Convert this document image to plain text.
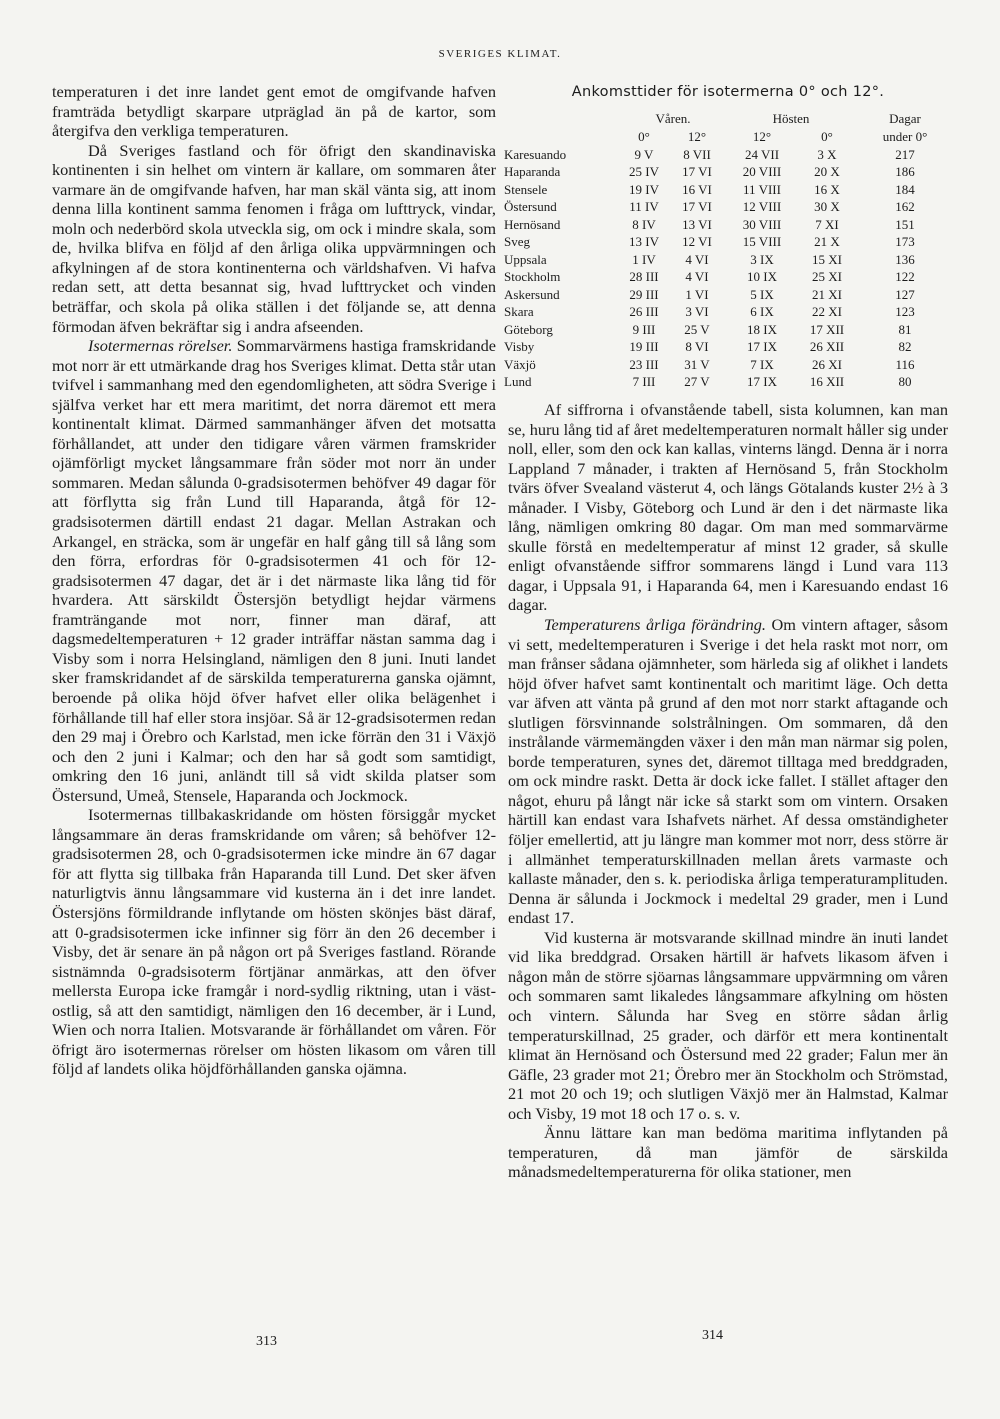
SVERIGES KLIMAT.

temperaturen i det inre landet gent emot de omgifvande hafven framträda betydligt skarpare utpräglad än på de kartor, som återgifva den verkliga temperaturen.

Då Sveriges fastland och för öfrigt den skandinaviska kontinenten i sin helhet om vintern är kallare, om sommaren åter varmare än de omgifvande hafven, har man skäl vänta sig, att inom denna lilla kontinent samma fenomen i fråga om lufttryck, vindar, moln och nederbörd skola utveckla sig, om ock i mindre skala, som de, hvilka blifva en följd af den årliga olika uppvärmningen och afkylningen af de stora kontinenterna och världshafven. Vi hafva redan sett, att detta besannat sig, hvad lufttrycket och vinden beträffar, och skola på olika ställen i det följande se, att denna förmodan äfven bekräftar sig i andra afseenden.

Isotermernas rörelser. Sommarvärmens hastiga framskridande mot norr är ett utmärkande drag hos Sveriges klimat. Detta står utan tvifvel i sammanhang med den egendomligheten, att södra Sverige i själfva verket har ett mera maritimt, det norra däremot ett mera kontinentalt klimat. Därmed sammanhänger äfven det motsatta förhållandet, att under den tidigare våren värmen framskrider ojämförligt mycket långsammare från söder mot norr än under sommaren. Medan sålunda 0-gradsisotermen behöfver 49 dagar för att förflytta sig från Lund till Haparanda, åtgå för 12-gradsisotermen därtill endast 21 dagar. Mellan Astrakan och Arkangel, en sträcka, som är ungefär en half gång till så lång som den förra, erfordras för 0-gradsisotermen 41 och för 12-gradsisotermen 47 dagar, det är i det närmaste lika lång tid för hvardera. Att särskildt Östersjön betydligt hejdar värmens framträngande mot norr, finner man däraf, att dagsmedeltemperaturen + 12 grader inträffar nästan samma dag i Visby som i norra Helsingland, nämligen den 8 juni. Inuti landet sker framskridandet af de särskilda temperaturerna ganska ojämnt, beroende på olika höjd öfver hafvet eller olika belägenhet i förhållande till haf eller stora insjöar. Så är 12-gradsisotermen redan den 29 maj i Örebro och Karlstad, men icke förrän den 31 i Växjö och den 2 juni i Kalmar; och den har så godt som samtidigt, omkring den 16 juni, anländt till så vidt skilda platser som Östersund, Umeå, Stensele, Haparanda och Jockmock.

Isotermernas tillbakaskridande om hösten försiggår mycket långsammare än deras framskridande om våren; så behöfver 12-gradsisotermen 28, och 0-gradsisotermen icke mindre än 67 dagar för att flytta sig tillbaka från Haparanda till Lund. Det sker äfven naturligtvis ännu långsammare vid kusterna än i det inre landet. Östersjöns förmildrande inflytande om hösten skönjes bäst däraf, att 0-gradsisotermen icke infinner sig förr än den 26 december i Visby, det är senare än på någon ort på Sveriges fastland. Rörande sistnämnda 0-gradsisoterm förtjänar anmärkas, att den öfver mellersta Europa icke framgår i nord-sydlig riktning, utan i väst-ostlig, så att den samtidigt, nämligen den 16 december, är i Lund, Wien och norra Italien. Motsvarande är förhållandet om våren. För öfrigt äro isotermernas rörelser om hösten likasom om våren till följd af landets olika höjdförhållanden ganska ojämna.

Ankomsttider för isotermerna 0° och 12°.
	Våren.		Hösten		Dagar
	0°	12°	12°	0°	under 0°
Karesuando	9 V	8 VII	24 VII	3 X	217
Haparanda	25 IV	17 VI	20 VIII	20 X	186
Stensele	19 IV	16 VI	11 VIII	16 X	184
Östersund	11 IV	17 VI	12 VIII	30 X	162
Hernösand	8 IV	13 VI	30 VIII	7 XI	151
Sveg	13 IV	12 VI	15 VIII	21 X	173
Uppsala	1 IV	4 VI	3 IX	15 XI	136
Stockholm	28 III	4 VI	10 IX	25 XI	122
Askersund	29 III	1 VI	5 IX	21 XI	127
Skara	26 III	3 VI	6 IX	22 XI	123
Göteborg	9 III	25 V	18 IX	17 XII	81
Visby	19 III	8 VI	17 IX	26 XII	82
Växjö	23 III	31 V	7 IX	26 XI	116
Lund	7 III	27 V	17 IX	16 XII	80

Af siffrorna i ofvanstående tabell, sista kolumnen, kan man se, huru lång tid af året medeltemperaturen normalt håller sig under noll, eller, som den ock kan kallas, vinterns längd. Denna är i norra Lappland 7 månader, i trakten af Hernösand 5, från Stockholm tvärs öfver Svealand västerut 4, och längs Götalands kuster 2½ à 3 månader. I Visby, Göteborg och Lund är den i det närmaste lika lång, nämligen omkring 80 dagar. Om man med sommarvärme skulle förstå en medeltemperatur af minst 12 grader, så skulle enligt ofvanstående siffror sommarens längd i Lund vara 113 dagar, i Uppsala 91, i Haparanda 64, men i Karesuando endast 16 dagar.

Temperaturens årliga förändring. Om vintern aftager, såsom vi sett, medeltemperaturen i Sverige i det hela raskt mot norr, om man frånser sådana ojämnheter, som härleda sig af olikhet i landets höjd öfver hafvet samt kontinentalt och maritimt läge. Och detta var äfven att vänta på grund af den mot norr starkt aftagande och slutligen försvinnande solstrålningen. Om sommaren, då den instrålande värmemängden växer i den mån man närmar sig polen, borde temperaturen, synes det, däremot tilltaga med breddgraden, om ock mindre raskt. Detta är dock icke fallet. I stället aftager den något, ehuru på långt när icke så starkt som om vintern. Orsaken härtill kan endast vara Ishafvets närhet. Af dessa omständigheter följer emellertid, att ju längre man kommer mot norr, dess större är i allmänhet temperaturskillnaden mellan årets varmaste och kallaste månader, den s. k. periodiska årliga temperaturamplituden. Denna är sålunda i Jockmock i medeltal 29 grader, men i Lund endast 17.

Vid kusterna är motsvarande skillnad mindre än inuti landet vid lika breddgrad. Orsaken härtill är hafvets likasom äfven i någon mån de större sjöarnas långsammare uppvärmning om våren och sommaren samt likaledes långsammare afkylning om hösten och vintern. Sålunda har Sveg en större sådan årlig temperaturskillnad, 25 grader, och därför ett mera kontinentalt klimat än Hernösand och Östersund med 22 grader; Falun mer än Gäfle, 23 grader mot 21; Örebro mer än Stockholm och Strömstad, 21 mot 20 och 19; och slutligen Växjö mer än Halmstad, Kalmar och Visby, 19 mot 18 och 17 o. s. v.

Ännu lättare kan man bedöma maritima inflytanden på temperaturen, då man jämför de särskilda månadsmedeltemperaturerna för olika stationer, men

313	314
